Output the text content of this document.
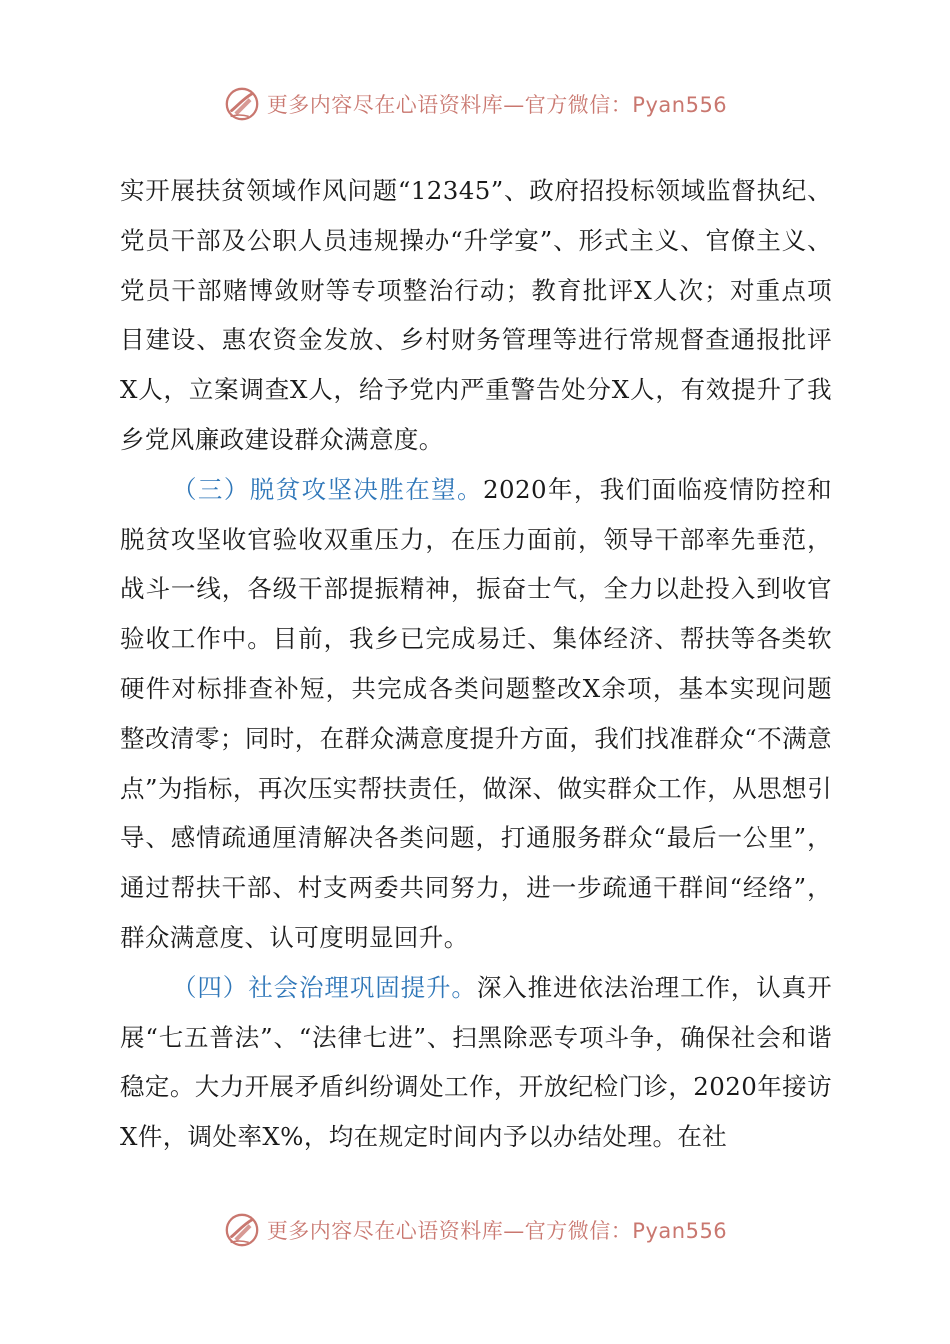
更多内容尽在心语资料库—官方微信：Pyan556

实开展扶贫领域作风问题“12345”、政府招投标领域监督执纪、党员干部及公职人员违规操办“升学宴”、形式主义、官僚主义、党员干部赌博敛财等专项整治行动；教育批评X人次；对重点项目建设、惠农资金发放、乡村财务管理等进行常规督查通报批评X人，立案调查X人，给予党内严重警告处分X人，有效提升了我乡党风廉政建设群众满意度。

（三）脱贫攻坚决胜在望。2020年，我们面临疫情防控和脱贫攻坚收官验收双重压力，在压力面前，领导干部率先垂范，战斗一线，各级干部提振精神，振奋士气，全力以赴投入到收官验收工作中。目前，我乡已完成易迁、集体经济、帮扶等各类软硬件对标排查补短，共完成各类问题整改X余项，基本实现问题整改清零；同时，在群众满意度提升方面，我们找准群众“不满意点”为指标，再次压实帮扶责任，做深、做实群众工作，从思想引导、感情疏通厘清解决各类问题，打通服务群众“最后一公里”，通过帮扶干部、村支两委共同努力，进一步疏通干群间“经络”，群众满意度、认可度明显回升。

（四）社会治理巩固提升。深入推进依法治理工作，认真开展“七五普法”、“法律七进”、扫黑除恶专项斗争，确保社会和谐稳定。大力开展矛盾纠纷调处工作，开放纪检门诊，2020年接访X件，调处率X%，均在规定时间内予以办结处理。在社

更多内容尽在心语资料库—官方微信：Pyan556
